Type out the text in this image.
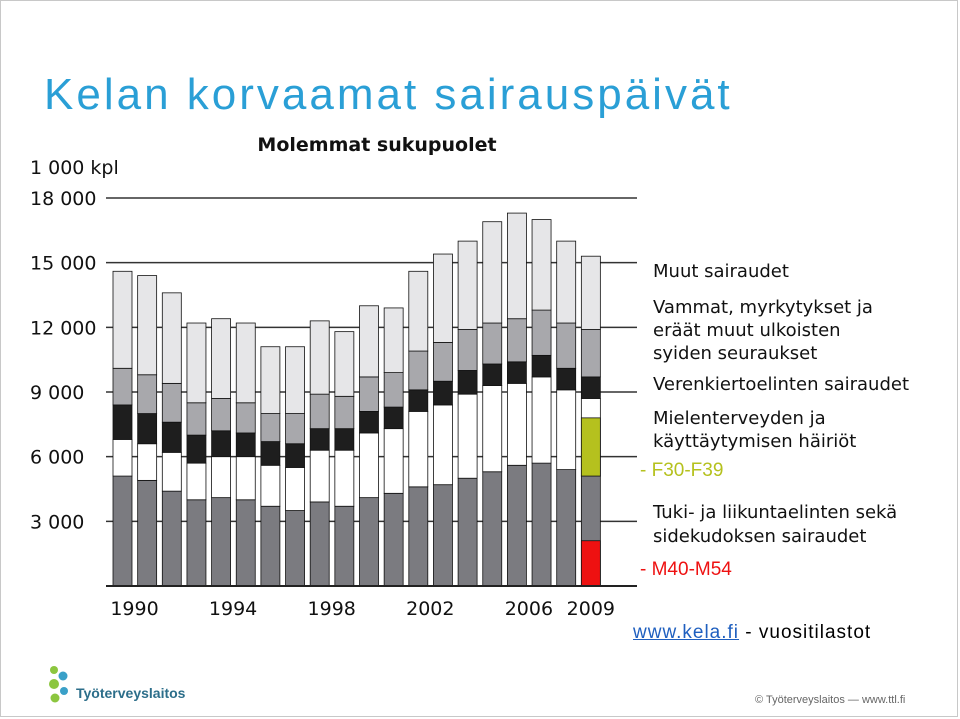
Kelan korvaamat sairauspäivät
Molemmat sukupuolet
1 000 kpl
3 000
6 000
9 000
12 000
15 000
18 000
1990	1994	1998	2002	2006 2009
Muut sairaudet
Vammat, myrkytykset ja
eräät muut ulkoisten
syiden seuraukset
Verenkiertoelinten sairaudet
Mielenterveyden ja
käyttäytymisen häiriöt
- F30-F39
Tuki- ja liikuntaelinten sekä
sidekudoksen sairaudet
- M40-M54
www.kela.fi - vuositilastot
Työterveyslaitos	© Työterveyslaitos — www.ttl.fi
